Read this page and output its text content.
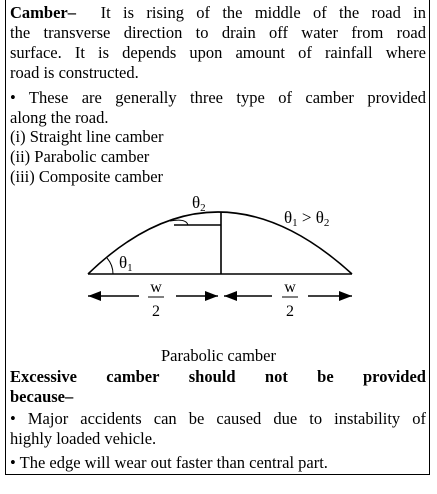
Camber– It is rising of the middle of the road in
the transverse direction to drain off water from road
surface. It is depends upon amount of rainfall where
road is constructed.
• These are generally three type of camber provided
along the road.
(i) Straight line camber
(ii) Parabolic camber
(iii) Composite camber
θ1
θ2	θ1 > θ2
w
2
w
2
Parabolic camber
Excessive camber should not be provided
because–
• Major accidents can be caused due to instability of
highly loaded vehicle.
• The edge will wear out faster than central part.
